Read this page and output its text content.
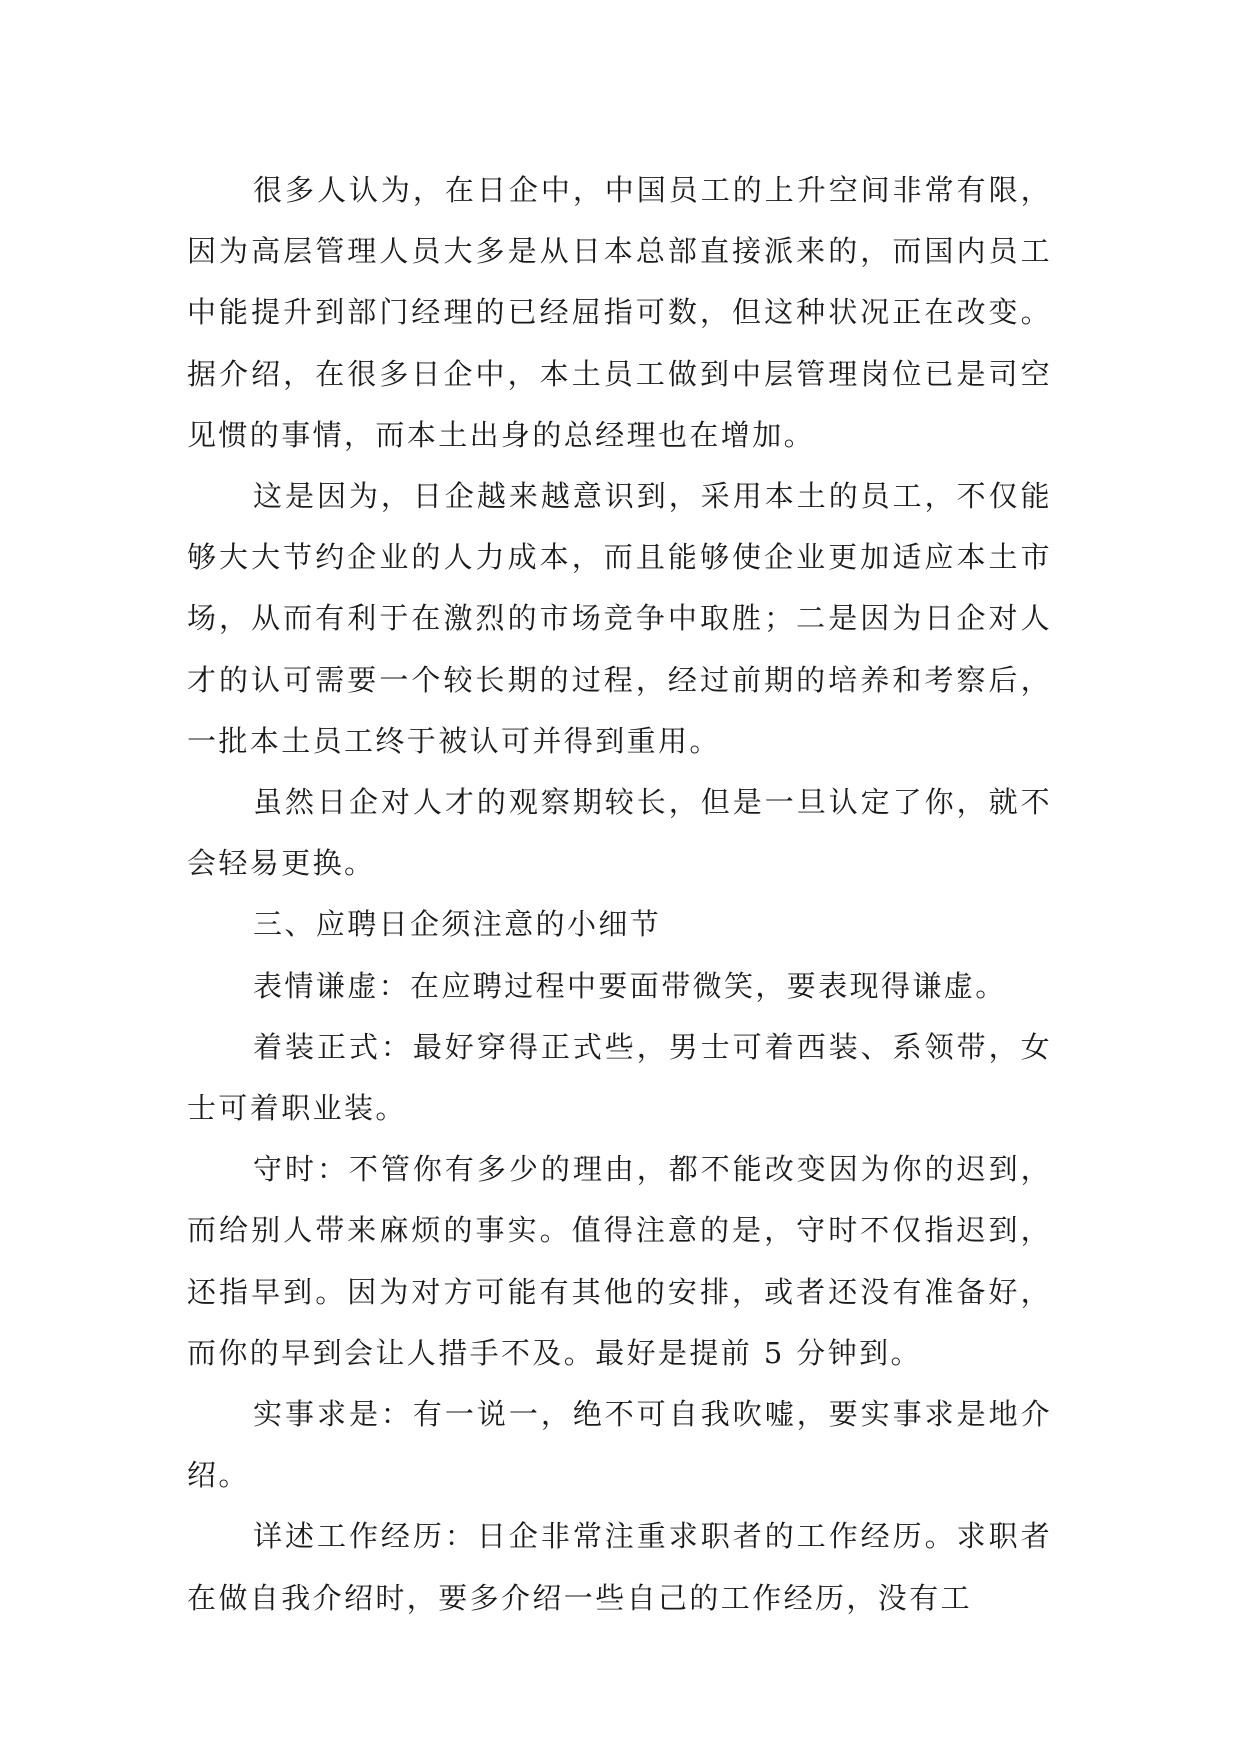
很多人认为，在日企中，中国员工的上升空间非常有限，因为高层管理人员大多是从日本总部直接派来的，而国内员工中能提升到部门经理的已经屈指可数，但这种状况正在改变。据介绍，在很多日企中，本土员工做到中层管理岗位已是司空见惯的事情，而本土出身的总经理也在增加。

这是因为，日企越来越意识到，采用本土的员工，不仅能够大大节约企业的人力成本，而且能够使企业更加适应本土市场，从而有利于在激烈的市场竞争中取胜；二是因为日企对人才的认可需要一个较长期的过程，经过前期的培养和考察后，一批本土员工终于被认可并得到重用。

虽然日企对人才的观察期较长，但是一旦认定了你，就不会轻易更换。

三、应聘日企须注意的小细节

表情谦虚：在应聘过程中要面带微笑，要表现得谦虚。

着装正式：最好穿得正式些，男士可着西装、系领带，女士可着职业装。

守时：不管你有多少的理由，都不能改变因为你的迟到，而给别人带来麻烦的事实。值得注意的是，守时不仅指迟到，还指早到。因为对方可能有其他的安排，或者还没有准备好，而你的早到会让人措手不及。最好是提前 5 分钟到。

实事求是：有一说一，绝不可自我吹嘘，要实事求是地介绍。

详述工作经历：日企非常注重求职者的工作经历。求职者在做自我介绍时，要多介绍一些自己的工作经历，没有工
